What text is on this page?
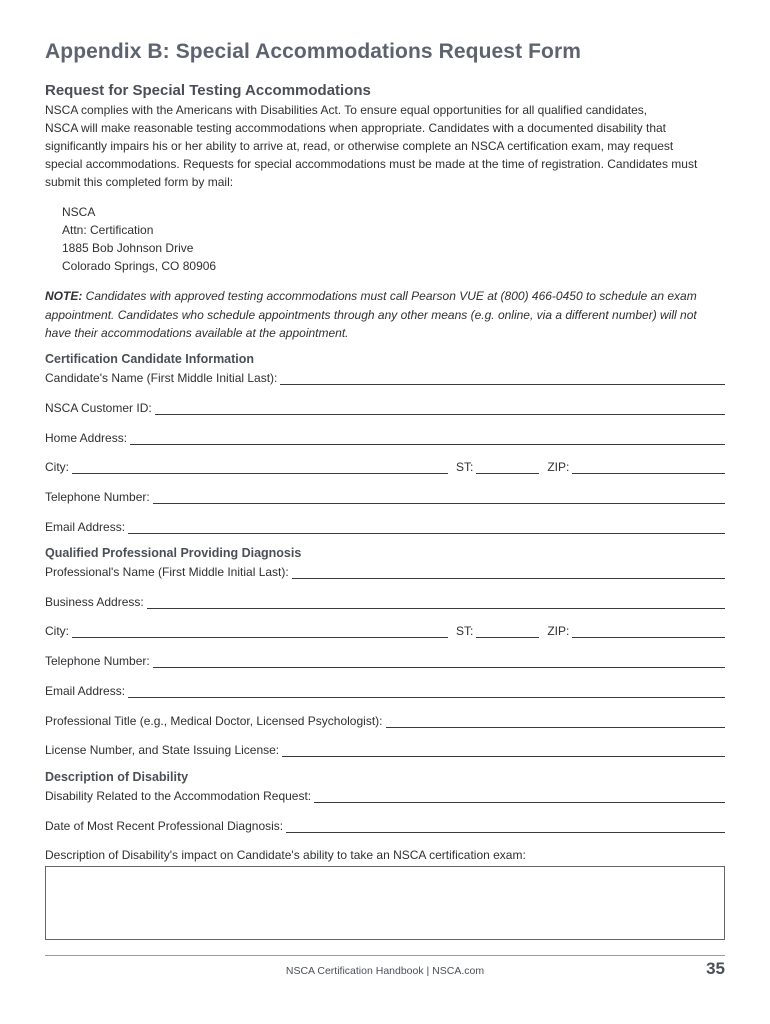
Appendix B: Special Accommodations Request Form
Request for Special Testing Accommodations
NSCA complies with the Americans with Disabilities Act. To ensure equal opportunities for all qualified candidates,
NSCA will make reasonable testing accommodations when appropriate. Candidates with a documented disability that
significantly impairs his or her ability to arrive at, read, or otherwise complete an NSCA certification exam, may request
special accommodations. Requests for special accommodations must be made at the time of registration. Candidates must
submit this completed form by mail:
NSCA
Attn: Certification
1885 Bob Johnson Drive
Colorado Springs, CO 80906
NOTE: Candidates with approved testing accommodations must call Pearson VUE at (800) 466-0450 to schedule an exam
appointment. Candidates who schedule appointments through any other means (e.g. online, via a different number) will not
have their accommodations available at the appointment.
Certification Candidate Information
Candidate's Name (First Middle Initial Last):
NSCA Customer ID:
Home Address:
City:	ST:	ZIP:
Telephone Number:
Email Address:
Qualified Professional Providing Diagnosis
Professional's Name (First Middle Initial Last):
Business Address:
City:	ST:	ZIP:
Telephone Number:
Email Address:
Professional Title (e.g., Medical Doctor, Licensed Psychologist):
License Number, and State Issuing License:
Description of Disability
Disability Related to the Accommodation Request:
Date of Most Recent Professional Diagnosis:
Description of Disability's impact on Candidate's ability to take an NSCA certification exam:
NSCA Certification Handbook | NSCA.com	35
